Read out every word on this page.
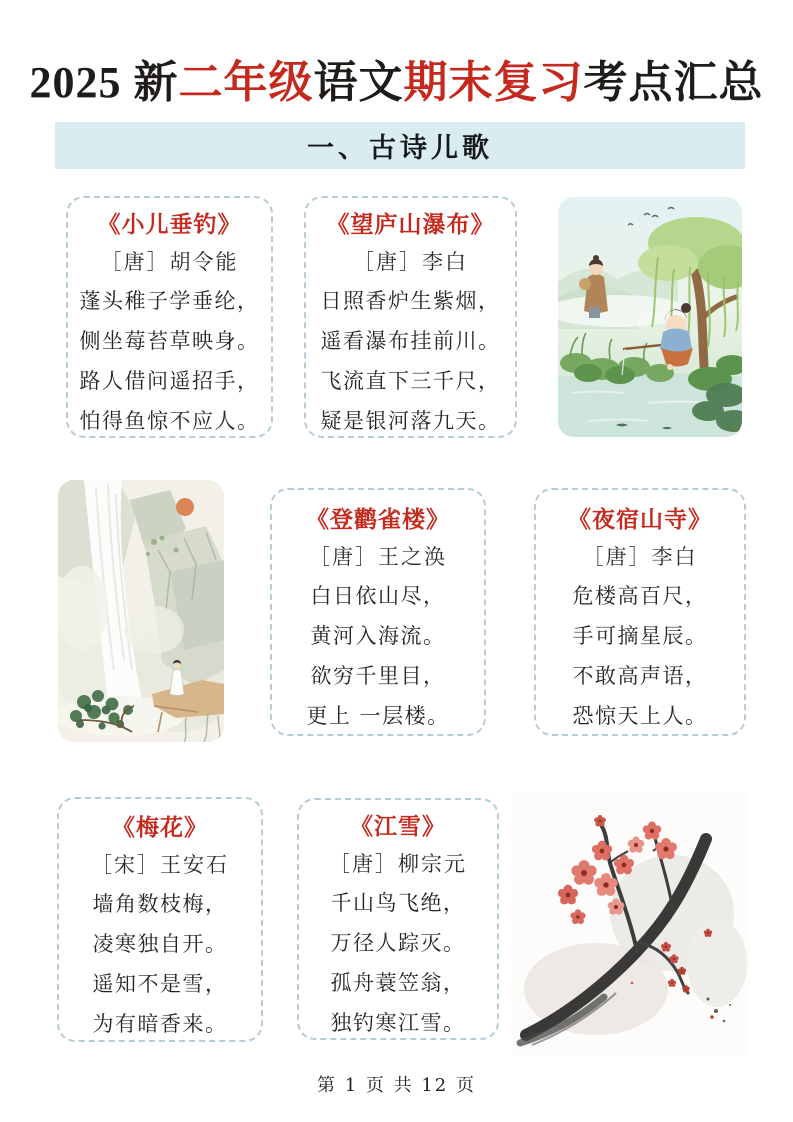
2025 新二年级语文期末复习考点汇总
一、古诗儿歌
《小儿垂钓》
［唐］胡令能
蓬头稚子学垂纶，
侧坐莓苔草映身。
路人借问遥招手，
怕得鱼惊不应人。
《望庐山瀑布》
［唐］李白
日照香炉生紫烟，
遥看瀑布挂前川。
飞流直下三千尺，
疑是银河落九天。
《登鹳雀楼》
［唐］王之涣
白日依山尽，
黄河入海流。
欲穷千里目，
更上 一层楼。
《夜宿山寺》
［唐］李白
危楼高百尺，
手可摘星辰。
不敢高声语，
恐惊天上人。
《梅花》
［宋］王安石
墙角数枝梅，
凌寒独自开。
遥知不是雪，
为有暗香来。
《江雪》
［唐］柳宗元
千山鸟飞绝，
万径人踪灭。
孤舟蓑笠翁，
独钓寒江雪。
第 1 页 共 12 页
